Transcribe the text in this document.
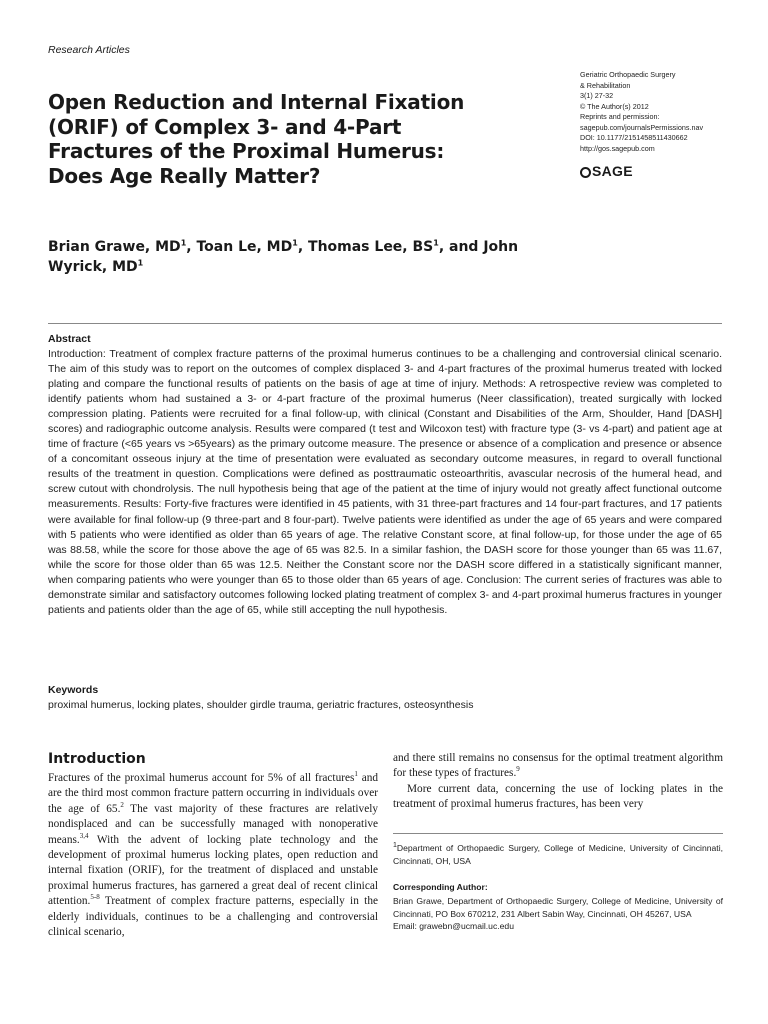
Research Articles
Open Reduction and Internal Fixation (ORIF) of Complex 3- and 4-Part Fractures of the Proximal Humerus: Does Age Really Matter?
Geriatric Orthopaedic Surgery
& Rehabilitation
3(1) 27-32
© The Author(s) 2012
Reprints and permission:
sagepub.com/journalsPermissions.nav
DOI: 10.1177/2151458511430662
http://gos.sagepub.com
SAGE
Brian Grawe, $MD^1$, Toan Le, $MD^1$, Thomas Lee, $BS^1$, and John Wyrick, $MD^1$
Abstract
Introduction: Treatment of complex fracture patterns of the proximal humerus continues to be a challenging and controversial clinical scenario. The aim of this study was to report on the outcomes of complex displaced 3- and 4-part fractures of the proximal humerus treated with locked plating and compare the functional results of patients on the basis of age at time of injury. Methods: A retrospective review was completed to identify patients whom had sustained a 3- or 4-part fracture of the proximal humerus (Neer classification), treated surgically with locked compression plating. Patients were recruited for a final follow-up, with clinical (Constant and Disabilities of the Arm, Shoulder, Hand [DASH] scores) and radiographic outcome analysis. Results were compared (t test and Wilcoxon test) with fracture type (3- vs 4-part) and patient age at time of fracture (<65 years vs >65years) as the primary outcome measure. The presence or absence of a complication and presence or absence of a concomitant osseous injury at the time of presentation were evaluated as secondary outcome measures, in regard to overall functional results of the treatment in question. Complications were defined as posttraumatic osteoarthritis, avascular necrosis of the humeral head, and screw cutout with chondrolysis. The null hypothesis being that age of the patient at the time of injury would not greatly affect functional outcome measurements. Results: Forty-five fractures were identified in 45 patients, with 31 three-part fractures and 14 four-part fractures, and 17 patients were available for final follow-up (9 three-part and 8 four-part). Twelve patients were identified as under the age of 65 years and were compared with 5 patients who were identified as older than 65 years of age. The relative Constant score, at final follow-up, for those under the age of 65 was 88.58, while the score for those above the age of 65 was 82.5. In a similar fashion, the DASH score for those younger than 65 was 11.67, while the score for those older than 65 was 12.5. Neither the Constant score nor the DASH score differed in a statistically significant manner, when comparing patients who were younger than 65 to those older than 65 years of age. Conclusion: The current series of fractures was able to demonstrate similar and satisfactory outcomes following locked plating treatment of complex 3- and 4-part proximal humerus fractures in younger patients and patients older than the age of 65, while still accepting the null hypothesis.
Keywords
proximal humerus, locking plates, shoulder girdle trauma, geriatric fractures, osteosynthesis
Introduction

Fractures of the proximal humerus account for 5% of all fractures$^1$ and are the third most common fracture pattern occurring in individuals over the age of 65.$^2$ The vast majority of these fractures are relatively nondisplaced and can be successfully managed with nonoperative means.$^{3,4}$ With the advent of locking plate technology and the development of proximal humerus locking plates, open reduction and internal fixation (ORIF), for the treatment of displaced and unstable proximal humerus fractures, has garnered a great deal of recent clinical attention.$^{5-8}$ Treatment of complex fracture patterns, especially in the elderly individuals, continues to be a challenging and controversial clinical scenario,

and there still remains no consensus for the optimal treatment algorithm for these types of fractures.$^9$

More current data, concerning the use of locking plates in the treatment of proximal humerus fractures, has been very

$^1$Department of Orthopaedic Surgery, College of Medicine, University of Cincinnati, Cincinnati, OH, USA
Corresponding Author:
Brian Grawe, Department of Orthopaedic Surgery, College of Medicine, University of Cincinnati, PO Box 670212, 231 Albert Sabin Way, Cincinnati, OH 45267, USA
Email: grawebn@ucmail.uc.edu
